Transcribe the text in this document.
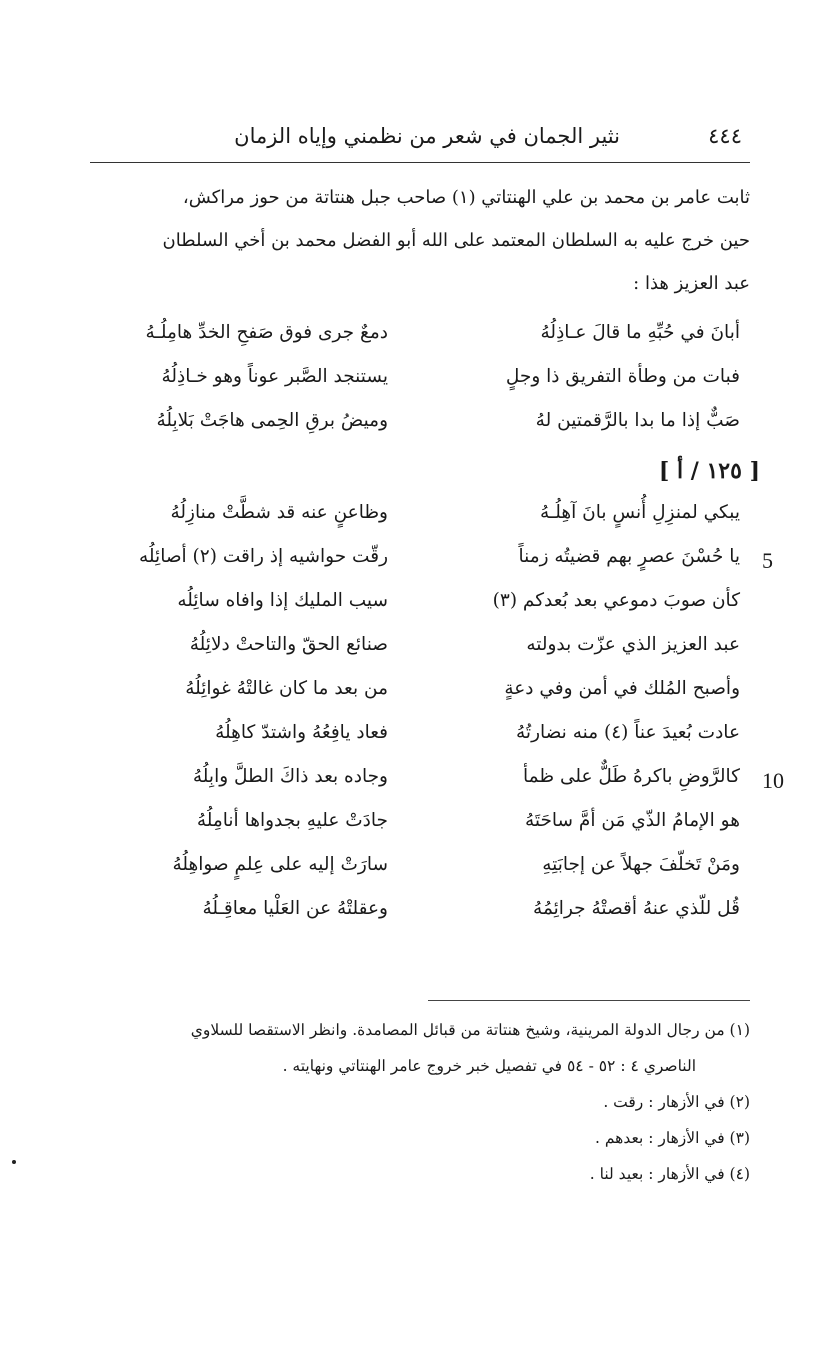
٤٤٤
نثير الجمان في شعر من نظمني وإياه الزمان

ثابت عامر بن محمد بن علي الهنتاتي (١) صاحب جبل هنتاتة من حوز مراكش،

حين خرج عليه به السلطان المعتمد على الله أبو الفضل محمد بن أخي السلطان

عبد العزيز هذا :

أبانَ في حُبِّهِ ما قالَ عـاذِلُهُ
دمعٌ جرى فوق صَفحِ الخدِّ هامِلُـهُ
فبات من وطأة التفريق ذا وجلٍ
يستنجد الصَّبر عوناً وهو خـاذِلُهُ
صَبٌّ إذا ما بدا بالرَّقمتين لهُ
وميضُ برقِ الحِمى هاجَتْ بَلابِلُهُ
[ ١٢٥ / أ ]
يبكي لمنزِلِ أُنسٍ بانَ آهِلُـهُ
وظاعنٍ عنه قد شطَّتْ منازِلُهُ
يا حُسْنَ عصرٍ بهم قضيتُه زمناً
رقّت حواشيه إذ راقت (٢) أصائِلُه	5
كأن صوبَ دموعي بعد بُعدكم (٣)
سيب المليك إذا وافاه سائِلُه
عبد العزيز الذي عزّت بدولته
صنائع الحقّ والتاحتْ دلائِلُهُ
وأصبح المُلك في أمن وفي دعةٍ
من بعد ما كان غالتْهُ غوائِلُهُ
عادت بُعيدَ عناً (٤) منه نضارتُهُ
فعاد يافِعُهُ واشتدّ كاهِلُهُ
كالرَّوضِ باكرهُ طَلٌّ على ظمأ
وجاده بعد ذاكَ الطلَّ وابِلُهُ	10
هو الإمامُ الذّي مَن أمَّ ساحَتَهُ
جادَتْ عليهِ بجدواها أنامِلُهُ
ومَنْ تَخلّفَ جهلاً عن إجابَتِهِ
سارَتْ إليه على عِلمٍ صواهِلُهُ
قُل للّذي عنهُ أقصتْهُ جرائِمُهُ
وعقلتْهُ عن العَلْيا معاقِـلُهُ
(١) من رجال الدولة المرينية، وشيخ هنتاتة من قبائل المصامدة. وانظر الاستقصا للسلاوي
الناصري ٤ : ٥٢ - ٥٤ في تفصيل خبر خروج عامر الهنتاتي ونهايته .
(٢) في الأزهار : رقت .
(٣) في الأزهار : بعدهم .
(٤) في الأزهار : بعيد لنا .
